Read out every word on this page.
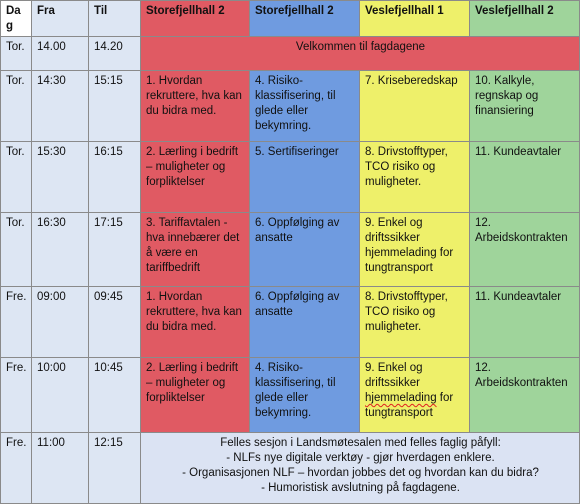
Dag	Fra	Til	Storefjellhall 2	Storefjellhall 2	Veslefjellhall 1	Veslefjellhall 2
Tor.	14.00	14.20	Velkommen til fagdagene			
Tor.	14:30	15:15	1. Hvordan rekruttere, hva kan du bidra med.	4. Risiko-klassifisering, til glede eller bekymring.	7. Kriseberedskap	10. Kalkyle, regnskap og finansiering
Tor.	15:30	16:15	2. Lærling i bedrift – muligheter og forpliktelser	5. Sertifiseringer	8. Drivstofftyper, TCO risiko og muligheter.	11. Kundeavtaler
Tor.	16:30	17:15	3. Tariffavtalen - hva innebærer det å være en tariffbedrift	6. Oppfølging av ansatte	9. Enkel og driftssikker hjemmelading for tungtransport	12. Arbeidskontrakten
Fre.	09:00	09:45	1. Hvordan rekruttere, hva kan du bidra med.	6. Oppfølging av ansatte	8. Drivstofftyper, TCO risiko og muligheter.	11. Kundeavtaler
Fre.	10:00	10:45	2. Lærling i bedrift – muligheter og forpliktelser	4. Risiko-klassifisering, til glede eller bekymring.	9. Enkel og driftssikker hjemmelading for tungtransport	12. Arbeidskontrakten
Fre.	11:00	12:15	Felles sesjon i Landsmøtesalen med felles faglig påfyll:
- NLFs nye digitale verktøy - gjør hverdagen enklere.
- Organisasjonen NLF – hvordan jobbes det og hvordan kan du bidra?
- Humoristisk avslutning på fagdagene.			
